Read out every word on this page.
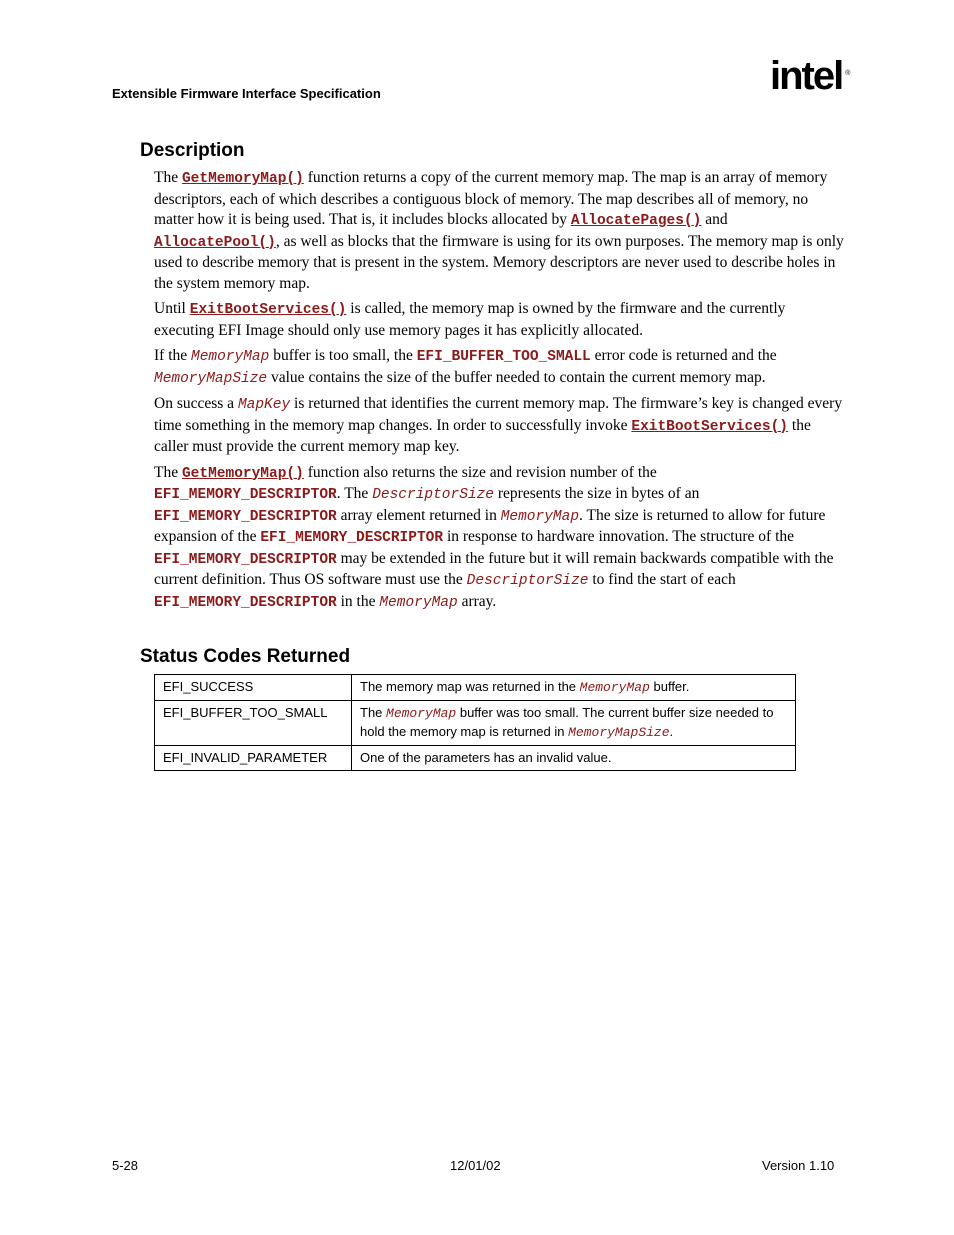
Extensible Firmware Interface Specification	intel ®
Description

The GetMemoryMap() function returns a copy of the current memory map. The map is an array of memory descriptors, each of which describes a contiguous block of memory. The map describes all of memory, no matter how it is being used. That is, it includes blocks allocated by AllocatePages() and AllocatePool(), as well as blocks that the firmware is using for its own purposes. The memory map is only used to describe memory that is present in the system. Memory descriptors are never used to describe holes in the system memory map.

Until ExitBootServices() is called, the memory map is owned by the firmware and the currently executing EFI Image should only use memory pages it has explicitly allocated.

If the MemoryMap buffer is too small, the EFI_BUFFER_TOO_SMALL error code is returned and the MemoryMapSize value contains the size of the buffer needed to contain the current memory map.

On success a MapKey is returned that identifies the current memory map. The firmware’s key is changed every time something in the memory map changes. In order to successfully invoke ExitBootServices() the caller must provide the current memory map key.

The GetMemoryMap() function also returns the size and revision number of the EFI_MEMORY_DESCRIPTOR. The DescriptorSize represents the size in bytes of an EFI_MEMORY_DESCRIPTOR array element returned in MemoryMap. The size is returned to allow for future expansion of the EFI_MEMORY_DESCRIPTOR in response to hardware innovation. The structure of the EFI_MEMORY_DESCRIPTOR may be extended in the future but it will remain backwards compatible with the current definition. Thus OS software must use the DescriptorSize to find the start of each EFI_MEMORY_DESCRIPTOR in the MemoryMap array.

Status Codes Returned
EFI_SUCCESS	The memory map was returned in the MemoryMap buffer.
EFI_BUFFER_TOO_SMALL	The MemoryMap buffer was too small. The current buffer size needed to hold the memory map is returned in MemoryMapSize.
EFI_INVALID_PARAMETER	One of the parameters has an invalid value.
5-28	12/01/02	Version 1.10
